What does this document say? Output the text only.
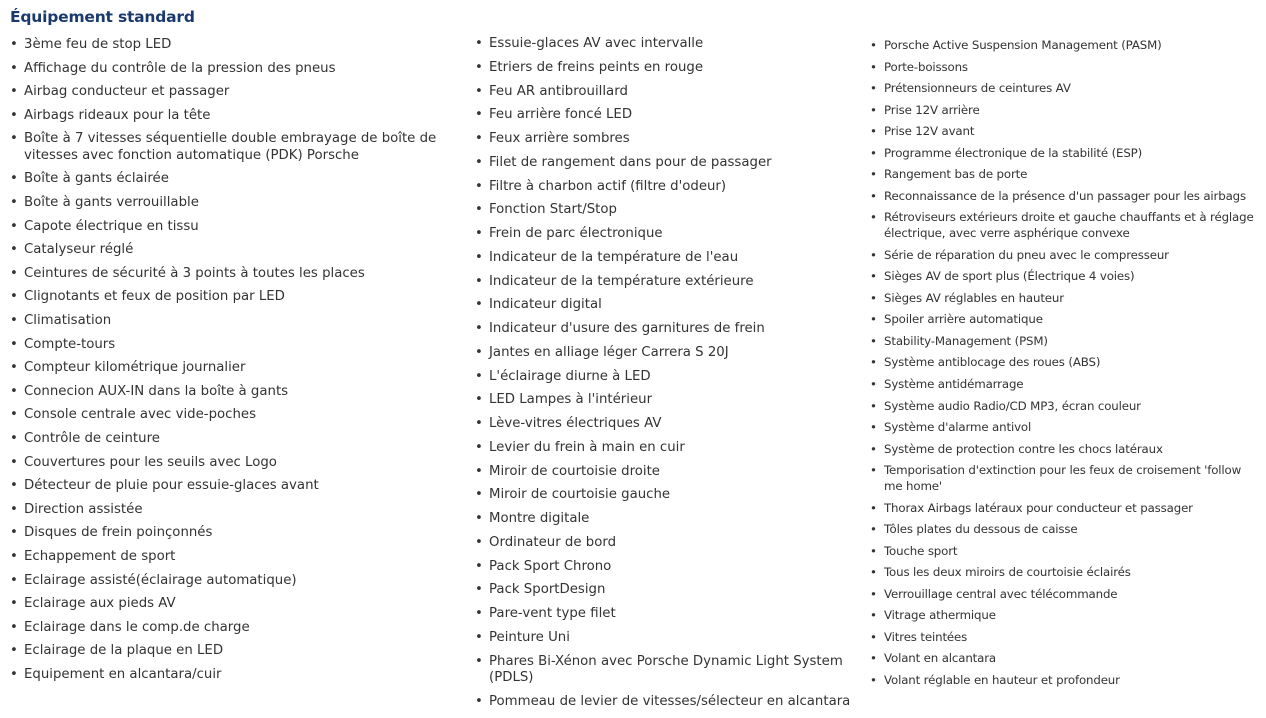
Équipement standard
• 3ème feu de stop LED
• Affichage du contrôle de la pression des pneus
• Airbag conducteur et passager
• Airbags rideaux pour la tête
• Boîte à 7 vitesses séquentielle double embrayage de boîte de vitesses avec fonction automatique (PDK) Porsche
• Boîte à gants éclairée
• Boîte à gants verrouillable
• Capote électrique en tissu
• Catalyseur réglé
• Ceintures de sécurité à 3 points à toutes les places
• Clignotants et feux de position par LED
• Climatisation
• Compte-tours
• Compteur kilométrique journalier
• Connecion AUX-IN dans la boîte à gants
• Console centrale avec vide-poches
• Contrôle de ceinture
• Couvertures pour les seuils avec Logo
• Détecteur de pluie pour essuie-glaces avant
• Direction assistée
• Disques de frein poinçonnés
• Echappement de sport
• Eclairage assisté(éclairage automatique)
• Eclairage aux pieds AV
• Eclairage dans le comp.de charge
• Eclairage de la plaque en LED
• Equipement en alcantara/cuir
• Essuie-glaces AV avec intervalle
• Etriers de freins peints en rouge
• Feu AR antibrouillard
• Feu arrière foncé LED
• Feux arrière sombres
• Filet de rangement dans pour de passager
• Filtre à charbon actif (filtre d'odeur)
• Fonction Start/Stop
• Frein de parc électronique
• Indicateur de la température de l'eau
• Indicateur de la température extérieure
• Indicateur digital
• Indicateur d'usure des garnitures de frein
• Jantes en alliage léger Carrera S 20J
• L'éclairage diurne à LED
• LED Lampes à l'intérieur
• Lève-vitres électriques AV
• Levier du frein à main en cuir
• Miroir de courtoisie droite
• Miroir de courtoisie gauche
• Montre digitale
• Ordinateur de bord
• Pack Sport Chrono
• Pack SportDesign
• Pare-vent type filet
• Peinture Uni
• Phares Bi-Xénon avec Porsche Dynamic Light System (PDLS)
• Pommeau de levier de vitesses/sélecteur en alcantara
• Porsche Active Suspension Management (PASM)
• Porte-boissons
• Prétensionneurs de ceintures AV
• Prise 12V arrière
• Prise 12V avant
• Programme électronique de la stabilité (ESP)
• Rangement bas de porte
• Reconnaissance de la présence d'un passager pour les airbags
• Rétroviseurs extérieurs droite et gauche chauffants et à réglage électrique, avec verre asphérique convexe
• Série de réparation du pneu avec le compresseur
• Sièges AV de sport plus (Électrique 4 voies)
• Sièges AV réglables en hauteur
• Spoiler arrière automatique
• Stability-Management (PSM)
• Système antiblocage des roues (ABS)
• Système antidémarrage
• Système audio Radio/CD MP3, écran couleur
• Système d'alarme antivol
• Système de protection contre les chocs latéraux
• Temporisation d'extinction pour les feux de croisement 'follow me home'
• Thorax Airbags latéraux pour conducteur et passager
• Tôles plates du dessous de caisse
• Touche sport
• Tous les deux miroirs de courtoisie éclairés
• Verrouillage central avec télécommande
• Vitrage athermique
• Vitres teintées
• Volant en alcantara
• Volant réglable en hauteur et profondeur
